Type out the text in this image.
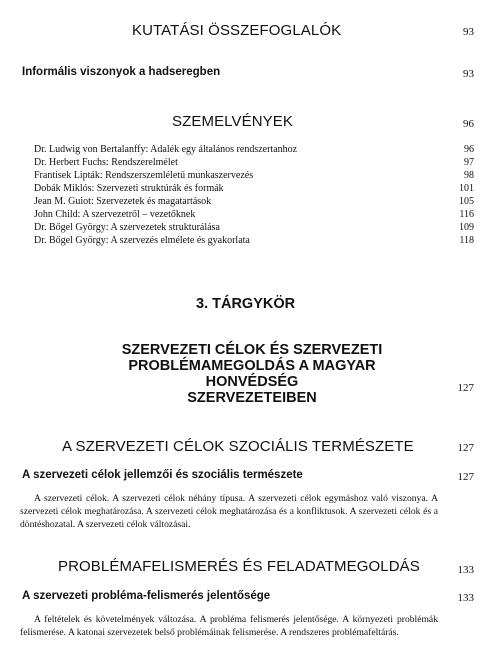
KUTATÁSI ÖSSZEFOGLALÓK	93
Informális viszonyok a hadseregben	93
SZEMELVÉNYEK	96
Dr. Ludwig von Bertalanffy: Adalék egy általános rendszertanhoz	96
Dr. Herbert Fuchs: Rendszerelmélet	97
Frantisek Lipták: Rendszerszemléletű munkaszervezés	98
Dobák Miklós: Szervezeti struktúrák és formák	101
Jean M. Guiot: Szervezetek és magatartások	105
John Child: A szervezetről – vezetőknek	116
Dr. Bőgel György: A szervezetek strukturálása	109
Dr. Bőgel György: A szervezés elmélete és gyakorlata	118
3. TÁRGYKÖR
SZERVEZETI CÉLOK ÉS SZERVEZETI
PROBLÉMAMEGOLDÁS A MAGYAR HONVÉDSÉG
SZERVEZETEIBEN
127
A SZERVEZETI CÉLOK SZOCIÁLIS TERMÉSZETE	127
A szervezeti célok jellemzői és szociális természete	127
A szervezeti célok. A szervezeti célok néhány típusa. A szervezeti célok egymáshoz való viszonya. A szervezeti célok meghatározása. A szervezeti célok meghatározása és a konfliktusok. A szervezeti célok és a döntéshozatal. A szervezeti célok változásai.
PROBLÉMAFELISMERÉS ÉS FELADATMEGOLDÁS	133
A szervezeti probléma-felismerés jelentősége	133
A feltételek és követelmények változása. A probléma felismerés jelentősége. A környezeti problémák felismerése. A katonai szervezetek belső problémáinak felismerése. A rendszeres problémafeltárás.
